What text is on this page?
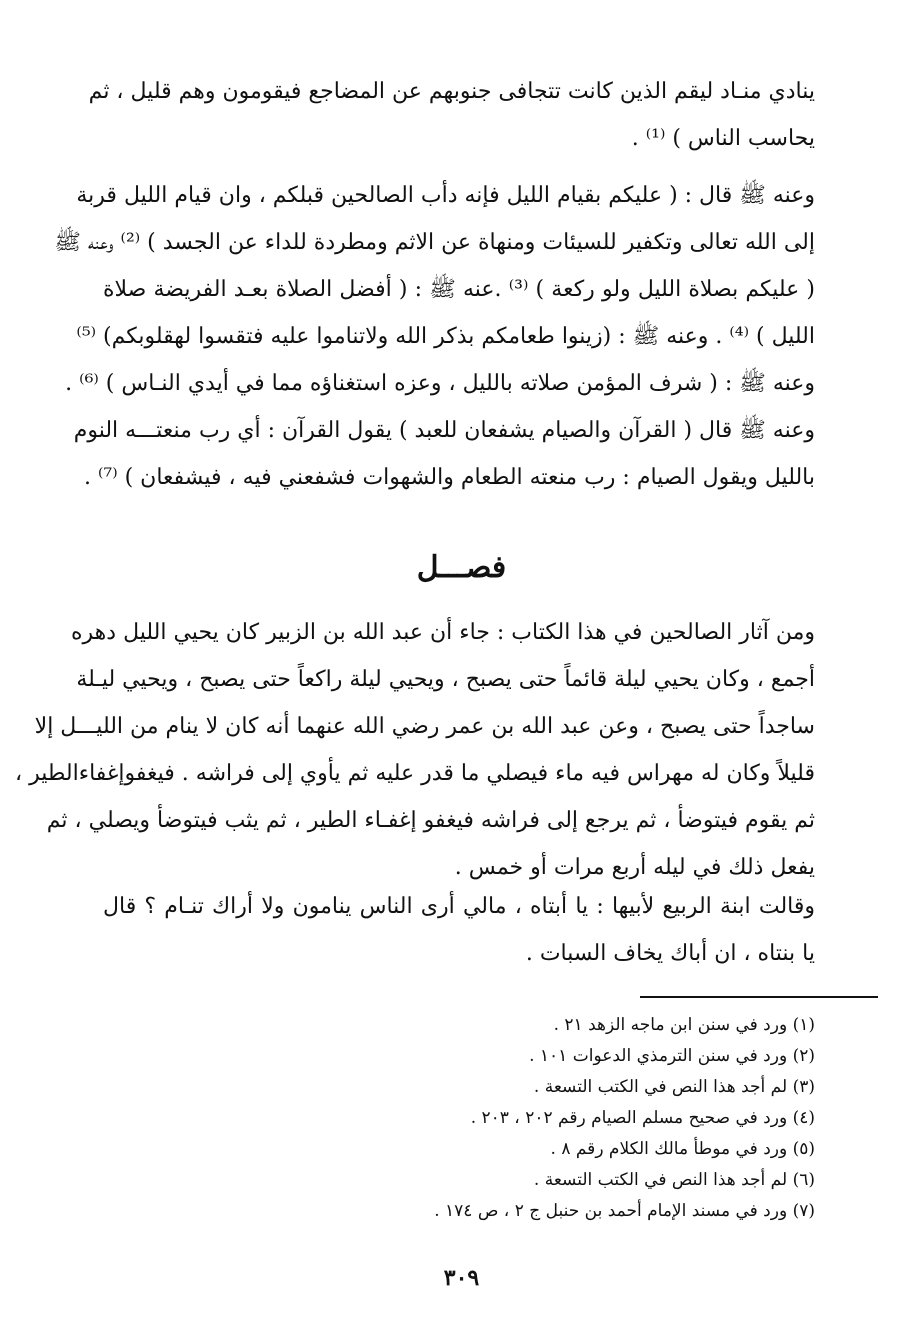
ينادي منـاد ليقم الذين كانت تتجافى جنوبهم عن المضاجع فيقومون وهم قليل ، ثم
يحاسب الناس ) ⁽¹⁾ .
وعنه ﷺ قال : ( عليكم بقيام الليل فإنه دأب الصالحين قبلكم ، وان قيام الليل قربة
إلى الله تعالى وتكفير للسيئات ومنهاة عن الاثم ومطردة للداء عن الجسد ) ⁽²⁾ وعنه ﷺ
( عليكم بصلاة الليل ولو ركعة ) ⁽³⁾ .عنه ﷺ : ( أفضل الصلاة بعـد الفريضة صلاة
الليل ) ⁽⁴⁾ . وعنه ﷺ : (زينوا طعامكم بذكر الله ولاتناموا عليه فتقسوا لهقلوبكم) ⁽⁵⁾
وعنه ﷺ : ( شرف المؤمن صلاته بالليل ، وعزه استغناؤه مما في أيدي النـاس ) ⁽⁶⁾ .
وعنه ﷺ قال ( القرآن والصيام يشفعان للعبد ) يقول القرآن : أي رب منعتـــه النوم
بالليل ويقول الصيام : رب منعته الطعام والشهوات فشفعني فيه ، فيشفعان ) ⁽⁷⁾ .
فصـــل
ومن آثار الصالحين في هذا الكتاب : جاء أن عبد الله بن الزبير كان يحيي الليل دهره
أجمع ، وكان يحيي ليلة قائماً حتى يصبح ، ويحيي ليلة راكعاً حتى يصبح ، ويحيي ليـلة
ساجداً حتى يصبح ، وعن عبد الله بن عمر رضي الله عنهما أنه كان لا ينام من الليـــل إلا
قليلاً وكان له مهراس فيه ماء فيصلي ما قدر عليه ثم يأوي إلى فراشه . فيغفوإغفاءالطير ،
ثم يقوم فيتوضأ ، ثم يرجع إلى فراشه فيغفو إغفـاء الطير ، ثم يثب فيتوضأ ويصلي ، ثم
يفعل ذلك في ليله أربع مرات أو خمس .
وقالت ابنة الربيع لأبيها : يا أبتاه ، مالي أرى الناس ينامون ولا أراك تنـام ؟ قال
يا بنتاه ، ان أباك يخاف السبات .
(١) ورد في سنن ابن ماجه الزهد ٢١ .
(٢) ورد في سنن الترمذي الدعوات ١٠١ .
(٣) لم أجد هذا النص في الكتب التسعة .
(٤) ورد في صحيح مسلم الصيام رقم ٢٠٢ ، ٢٠٣ .
(٥) ورد في موطأ مالك الكلام رقم ٨ .
(٦) لم أجد هذا النص في الكتب التسعة .
(٧) ورد في مسند الإمام أحمد بن حنبل ج ٢ ، ص ١٧٤ .
٣٠٩
